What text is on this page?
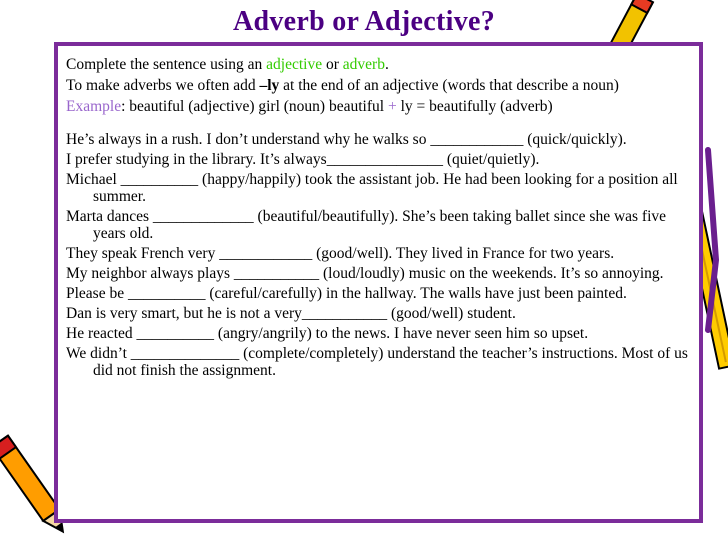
Adverb or Adjective?

Complete the sentence using an adjective or adverb.

To make adverbs we often add –ly at the end of an adjective (words that describe a noun)

Example: beautiful (adjective) girl (noun) beautiful + ly = beautifully (adverb)

He’s always in a rush. I don’t understand why he walks so ____________ (quick/quickly).

I prefer studying in the library. It’s always_______________ (quiet/quietly).

Michael __________ (happy/happily) took the assistant job. He had been looking for a position all summer.

Marta dances _____________ (beautiful/beautifully). She’s been taking ballet since she was five years old.

They speak French very ____________ (good/well). They lived in France for two years.

My neighbor always plays ___________ (loud/loudly) music on the weekends. It’s so annoying.

Please be __________ (careful/carefully) in the hallway. The walls have just been painted.

Dan is very smart, but he is not a very___________ (good/well) student.

He reacted __________ (angry/angrily) to the news. I have never seen him so upset.

We didn’t ______________ (complete/completely) understand the teacher’s instructions. Most of us did not finish the assignment.
